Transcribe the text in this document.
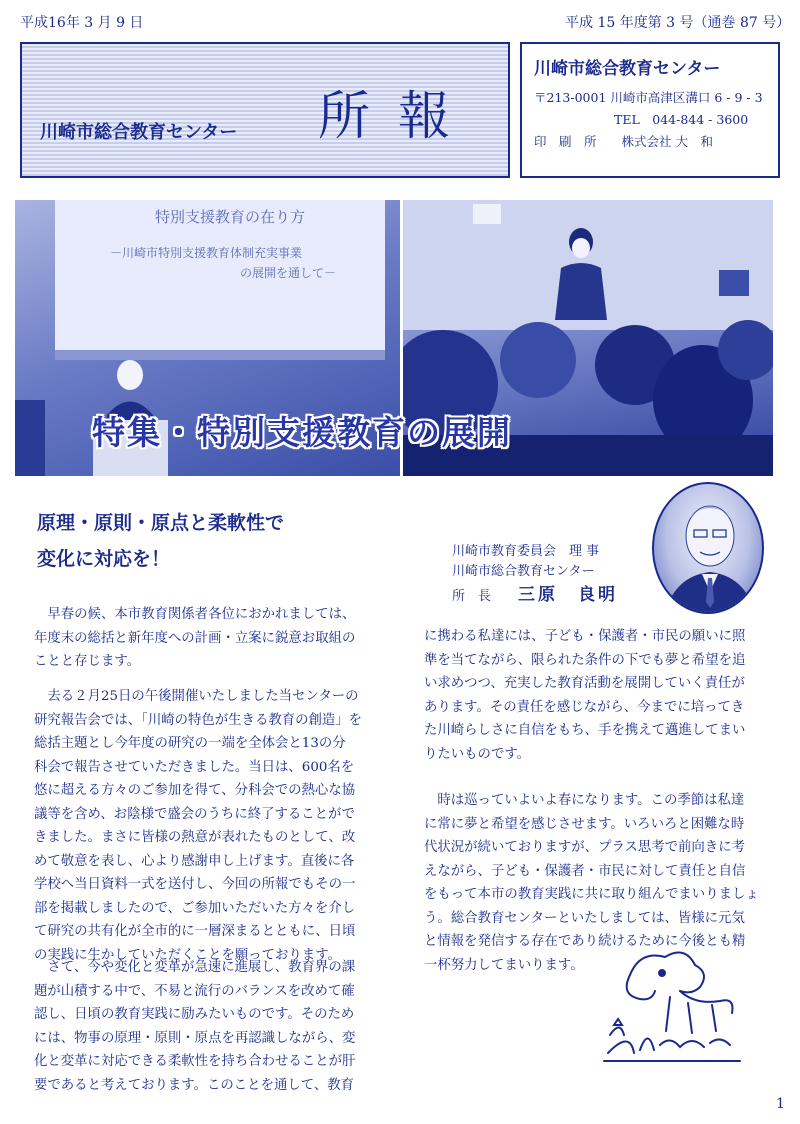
平成16年 3 月 9 日	平成 15 年度第 3 号（通巻 87 号）
川崎市総合教育センター 所報
川崎市総合教育センター
〒213-0001 川崎市高津区溝口 6 - 9 - 3
TEL　044-844 - 3600
印　刷　所　　株式会社 大　和
特別支援教育の在り方
－川崎市特別支援教育体制充実事業
の展開を通して－
特集・特別支援教育の展開
原理・原則・原点と柔軟性で
変化に対応を！	川崎市教育委員会　理 事
川崎市総合教育センター
所　長　三原　良明
　早春の候、本市教育関係者各位におかれましては、
年度末の総括と新年度への計画・立案に鋭意お取組の
ことと存じます。
　去る２月25日の午後開催いたしました当センターの
研究報告会では、「川崎の特色が生きる教育の創造」を
総括主題とし今年度の研究の一端を全体会と13の分
科会で報告させていただきました。当日は、600名を
悠に超える方々のご参加を得て、分科会での熱心な協
議等を含め、お陰様で盛会のうちに終了することがで
きました。まさに皆様の熱意が表れたものとして、改
めて敬意を表し、心より感謝申し上げます。直後に各
学校へ当日資料一式を送付し、今回の所報でもその一
部を掲載しましたので、ご参加いただいた方々を介し
て研究の共有化が全市的に一層深まるとともに、日頃
の実践に生かしていただくことを願っております。
　さて、今や変化と変革が急速に進展し、教育界の課
題が山積する中で、不易と流行のバランスを改めて確
認し、日頃の教育実践に励みたいものです。そのため
には、物事の原理・原則・原点を再認識しながら、変
化と変革に対応できる柔軟性を持ち合わせることが肝
要であると考えております。このことを通して、教育
に携わる私達には、子ども・保護者・市民の願いに照
準を当てながら、限られた条件の下でも夢と希望を追
い求めつつ、充実した教育活動を展開していく責任が
あります。その責任を感じながら、今までに培ってき
た川崎らしさに自信をもち、手を携えて邁進してまい
りたいものです。
　時は巡っていよいよ春になります。この季節は私達
に常に夢と希望を感じさせます。いろいろと困難な時
代状況が続いておりますが、プラス思考で前向きに考
えながら、子ども・保護者・市民に対して責任と自信
をもって本市の教育実践に共に取り組んでまいりましょ
う。総合教育センターといたしましては、皆様に元気
と情報を発信する存在であり続けるために今後とも精
一杯努力してまいります。
1
